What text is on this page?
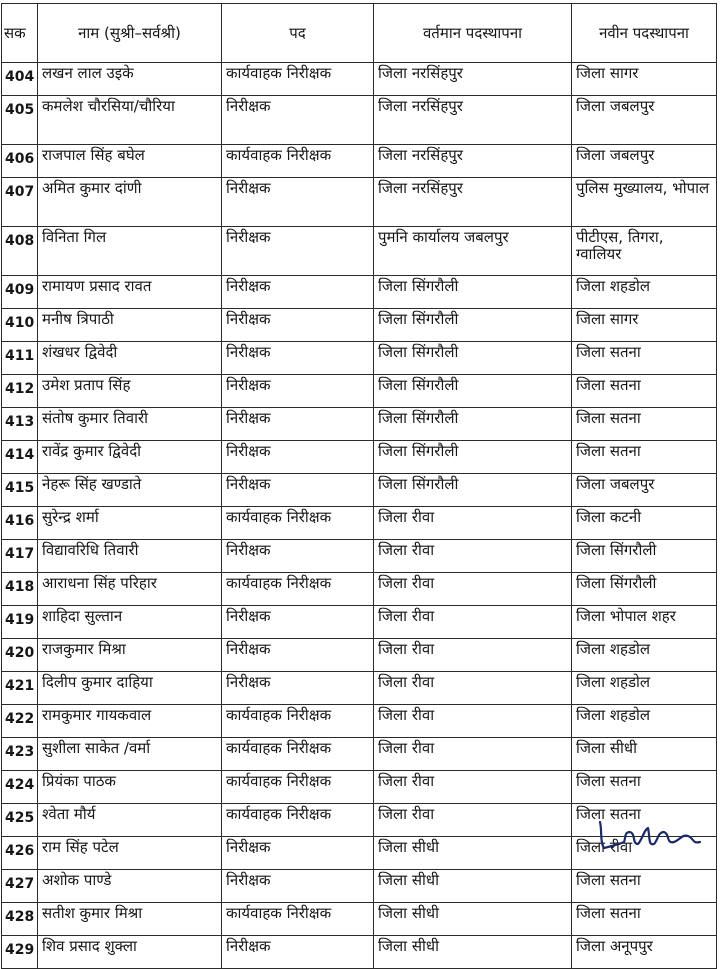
सक	नाम (सुश्री–सर्वश्री)	पद	वर्तमान पदस्थापना	नवीन पदस्थापना
404	लखन लाल उइके	कार्यवाहक निरीक्षक	जिला नरसिंहपुर	जिला सागर
405	कमलेश चौरसिया/चौरिया	निरीक्षक	जिला नरसिंहपुर	जिला जबलपुर
406	राजपाल सिंह बघेल	कार्यवाहक निरीक्षक	जिला नरसिंहपुर	जिला जबलपुर
407	अमित कुमार दांणी	निरीक्षक	जिला नरसिंहपुर	पुलिस मुख्यालय, भोपाल
408	विनिता गिल	निरीक्षक	पुमनि कार्यालय जबलपुर	पीटीएस, तिगरा, ग्वालियर
409	रामायण प्रसाद रावत	निरीक्षक	जिला सिंगरौली	जिला शहडोल
410	मनीष त्रिपाठी	निरीक्षक	जिला सिंगरौली	जिला सागर
411	शंखधर द्विवेदी	निरीक्षक	जिला सिंगरौली	जिला सतना
412	उमेश प्रताप सिंह	निरीक्षक	जिला सिंगरौली	जिला सतना
413	संतोष कुमार तिवारी	निरीक्षक	जिला सिंगरौली	जिला सतना
414	रावेंद्र कुमार द्विवेदी	निरीक्षक	जिला सिंगरौली	जिला सतना
415	नेहरू सिंह खण्डाते	निरीक्षक	जिला सिंगरौली	जिला जबलपुर
416	सुरेन्द्र शर्मा	कार्यवाहक निरीक्षक	जिला रीवा	जिला कटनी
417	विद्यावरिधि तिवारी	निरीक्षक	जिला रीवा	जिला सिंगरौली
418	आराधना सिंह परिहार	कार्यवाहक निरीक्षक	जिला रीवा	जिला सिंगरौली
419	शाहिदा सुल्तान	निरीक्षक	जिला रीवा	जिला भोपाल शहर
420	राजकुमार मिश्रा	निरीक्षक	जिला रीवा	जिला शहडोल
421	दिलीप कुमार दाहिया	निरीक्षक	जिला रीवा	जिला शहडोल
422	रामकुमार गायकवाल	कार्यवाहक निरीक्षक	जिला रीवा	जिला शहडोल
423	सुशीला साकेत /वर्मा	कार्यवाहक निरीक्षक	जिला रीवा	जिला सीधी
424	प्रियंका पाठक	कार्यवाहक निरीक्षक	जिला रीवा	जिला सतना
425	श्वेता मौर्य	कार्यवाहक निरीक्षक	जिला रीवा	जिला सतना
426	राम सिंह पटेल	निरीक्षक	जिला सीधी	जिला रीवा
427	अशोक पाण्डे	निरीक्षक	जिला सीधी	जिला सतना
428	सतीश कुमार मिश्रा	कार्यवाहक निरीक्षक	जिला सीधी	जिला सतना
429	शिव प्रसाद शुक्ला	निरीक्षक	जिला सीधी	जिला अनूपपुर
